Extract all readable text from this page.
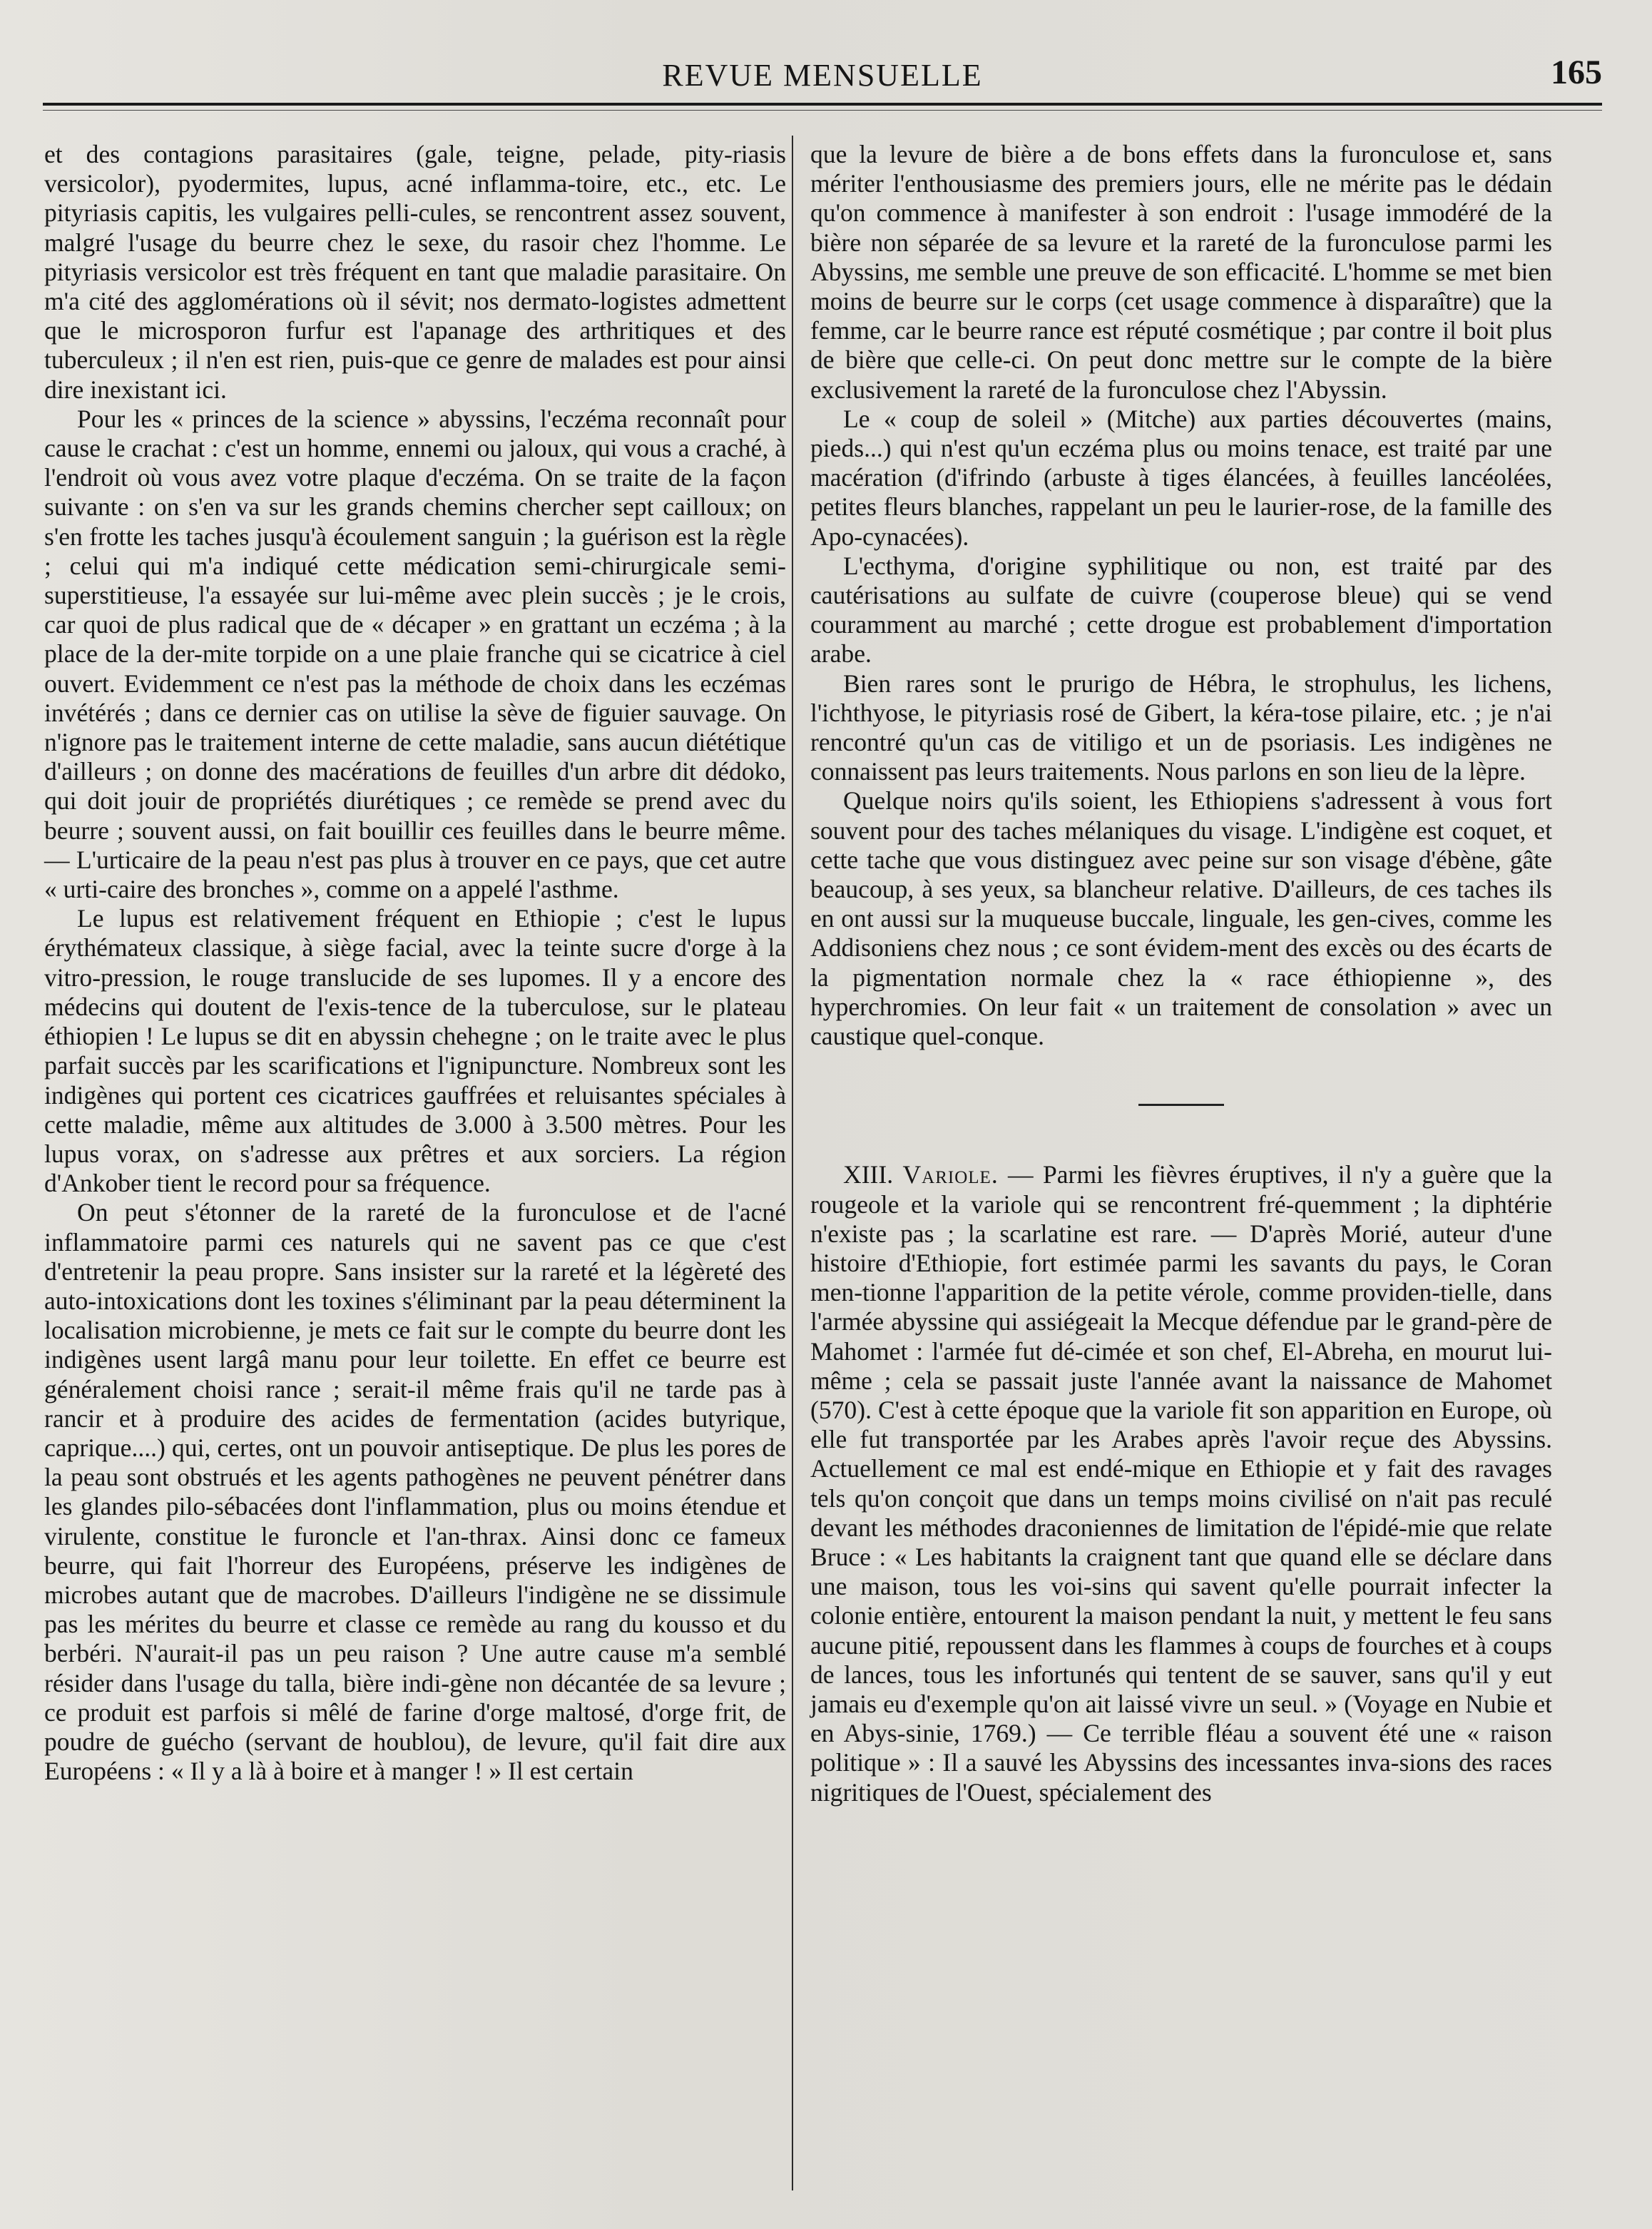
REVUE MENSUELLE	165

et des contagions parasitaires (gale, teigne, pelade, pity-riasis versicolor), pyodermites, lupus, acné inflamma-toire, etc., etc. Le pityriasis capitis, les vulgaires pelli-cules, se rencontrent assez souvent, malgré l'usage du beurre chez le sexe, du rasoir chez l'homme. Le pityriasis versicolor est très fréquent en tant que maladie parasitaire. On m'a cité des agglomérations où il sévit; nos dermato-logistes admettent que le microsporon furfur est l'apanage des arthritiques et des tuberculeux ; il n'en est rien, puis-que ce genre de malades est pour ainsi dire inexistant ici.

Pour les « princes de la science » abyssins, l'eczéma reconnaît pour cause le crachat : c'est un homme, ennemi ou jaloux, qui vous a craché, à l'endroit où vous avez votre plaque d'eczéma. On se traite de la façon suivante : on s'en va sur les grands chemins chercher sept cailloux; on s'en frotte les taches jusqu'à écoulement sanguin ; la guérison est la règle ; celui qui m'a indiqué cette médication semi-chirurgicale semi-superstitieuse, l'a essayée sur lui-même avec plein succès ; je le crois, car quoi de plus radical que de « décaper » en grattant un eczéma ; à la place de la der-mite torpide on a une plaie franche qui se cicatrice à ciel ouvert. Evidemment ce n'est pas la méthode de choix dans les eczémas invétérés ; dans ce dernier cas on utilise la sève de figuier sauvage. On n'ignore pas le traitement interne de cette maladie, sans aucun diététique d'ailleurs ; on donne des macérations de feuilles d'un arbre dit dédoko, qui doit jouir de propriétés diurétiques ; ce remède se prend avec du beurre ; souvent aussi, on fait bouillir ces feuilles dans le beurre même. — L'urticaire de la peau n'est pas plus à trouver en ce pays, que cet autre « urti-caire des bronches », comme on a appelé l'asthme.

Le lupus est relativement fréquent en Ethiopie ; c'est le lupus érythémateux classique, à siège facial, avec la teinte sucre d'orge à la vitro-pression, le rouge translucide de ses lupomes. Il y a encore des médecins qui doutent de l'exis-tence de la tuberculose, sur le plateau éthiopien ! Le lupus se dit en abyssin chehegne ; on le traite avec le plus parfait succès par les scarifications et l'ignipuncture. Nombreux sont les indigènes qui portent ces cicatrices gauffrées et reluisantes spéciales à cette maladie, même aux altitudes de 3.000 à 3.500 mètres. Pour les lupus vorax, on s'adresse aux prêtres et aux sorciers. La région d'Ankober tient le record pour sa fréquence.

On peut s'étonner de la rareté de la furonculose et de l'acné inflammatoire parmi ces naturels qui ne savent pas ce que c'est d'entretenir la peau propre. Sans insister sur la rareté et la légèreté des auto-intoxications dont les toxines s'éliminant par la peau déterminent la localisation microbienne, je mets ce fait sur le compte du beurre dont les indigènes usent largâ manu pour leur toilette. En effet ce beurre est généralement choisi rance ; serait-il même frais qu'il ne tarde pas à rancir et à produire des acides de fermentation (acides butyrique, caprique....) qui, certes, ont un pouvoir antiseptique. De plus les pores de la peau sont obstrués et les agents pathogènes ne peuvent pénétrer dans les glandes pilo-sébacées dont l'inflammation, plus ou moins étendue et virulente, constitue le furoncle et l'an-thrax. Ainsi donc ce fameux beurre, qui fait l'horreur des Européens, préserve les indigènes de microbes autant que de macrobes. D'ailleurs l'indigène ne se dissimule pas les mérites du beurre et classe ce remède au rang du kousso et du berbéri. N'aurait-il pas un peu raison ? Une autre cause m'a semblé résider dans l'usage du talla, bière indi-gène non décantée de sa levure ; ce produit est parfois si mêlé de farine d'orge maltosé, d'orge frit, de poudre de guécho (servant de houblou), de levure, qu'il fait dire aux Européens : « Il y a là à boire et à manger ! » Il est certain

que la levure de bière a de bons effets dans la furonculose et, sans mériter l'enthousiasme des premiers jours, elle ne mérite pas le dédain qu'on commence à manifester à son endroit : l'usage immodéré de la bière non séparée de sa levure et la rareté de la furonculose parmi les Abyssins, me semble une preuve de son efficacité. L'homme se met bien moins de beurre sur le corps (cet usage commence à disparaître) que la femme, car le beurre rance est réputé cosmétique ; par contre il boit plus de bière que celle-ci. On peut donc mettre sur le compte de la bière exclusivement la rareté de la furonculose chez l'Abyssin.

Le « coup de soleil » (Mitche) aux parties découvertes (mains, pieds...) qui n'est qu'un eczéma plus ou moins tenace, est traité par une macération (d'ifrindo (arbuste à tiges élancées, à feuilles lancéolées, petites fleurs blanches, rappelant un peu le laurier-rose, de la famille des Apo-cynacées).

L'ecthyma, d'origine syphilitique ou non, est traité par des cautérisations au sulfate de cuivre (couperose bleue) qui se vend couramment au marché ; cette drogue est probablement d'importation arabe.

Bien rares sont le prurigo de Hébra, le strophulus, les lichens, l'ichthyose, le pityriasis rosé de Gibert, la kéra-tose pilaire, etc. ; je n'ai rencontré qu'un cas de vitiligo et un de psoriasis. Les indigènes ne connaissent pas leurs traitements. Nous parlons en son lieu de la lèpre.

Quelque noirs qu'ils soient, les Ethiopiens s'adressent à vous fort souvent pour des taches mélaniques du visage. L'indigène est coquet, et cette tache que vous distinguez avec peine sur son visage d'ébène, gâte beaucoup, à ses yeux, sa blancheur relative. D'ailleurs, de ces taches ils en ont aussi sur la muqueuse buccale, linguale, les gen-cives, comme les Addisoniens chez nous ; ce sont évidem-ment des excès ou des écarts de la pigmentation normale chez la « race éthiopienne », des hyperchromies. On leur fait « un traitement de consolation » avec un caustique quel-conque.

XIII. Variole. — Parmi les fièvres éruptives, il n'y a guère que la rougeole et la variole qui se rencontrent fré-quemment ; la diphtérie n'existe pas ; la scarlatine est rare. — D'après Morié, auteur d'une histoire d'Ethiopie, fort estimée parmi les savants du pays, le Coran men-tionne l'apparition de la petite vérole, comme providen-tielle, dans l'armée abyssine qui assiégeait la Mecque défendue par le grand-père de Mahomet : l'armée fut dé-cimée et son chef, El-Abreha, en mourut lui-même ; cela se passait juste l'année avant la naissance de Mahomet (570). C'est à cette époque que la variole fit son apparition en Europe, où elle fut transportée par les Arabes après l'avoir reçue des Abyssins. Actuellement ce mal est endé-mique en Ethiopie et y fait des ravages tels qu'on conçoit que dans un temps moins civilisé on n'ait pas reculé devant les méthodes draconiennes de limitation de l'épidé-mie que relate Bruce : « Les habitants la craignent tant que quand elle se déclare dans une maison, tous les voi-sins qui savent qu'elle pourrait infecter la colonie entière, entourent la maison pendant la nuit, y mettent le feu sans aucune pitié, repoussent dans les flammes à coups de fourches et à coups de lances, tous les infortunés qui tentent de se sauver, sans qu'il y eut jamais eu d'exemple qu'on ait laissé vivre un seul. » (Voyage en Nubie et en Abys-sinie, 1769.) — Ce terrible fléau a souvent été une « raison politique » : Il a sauvé les Abyssins des incessantes inva-sions des races nigritiques de l'Ouest, spécialement des
